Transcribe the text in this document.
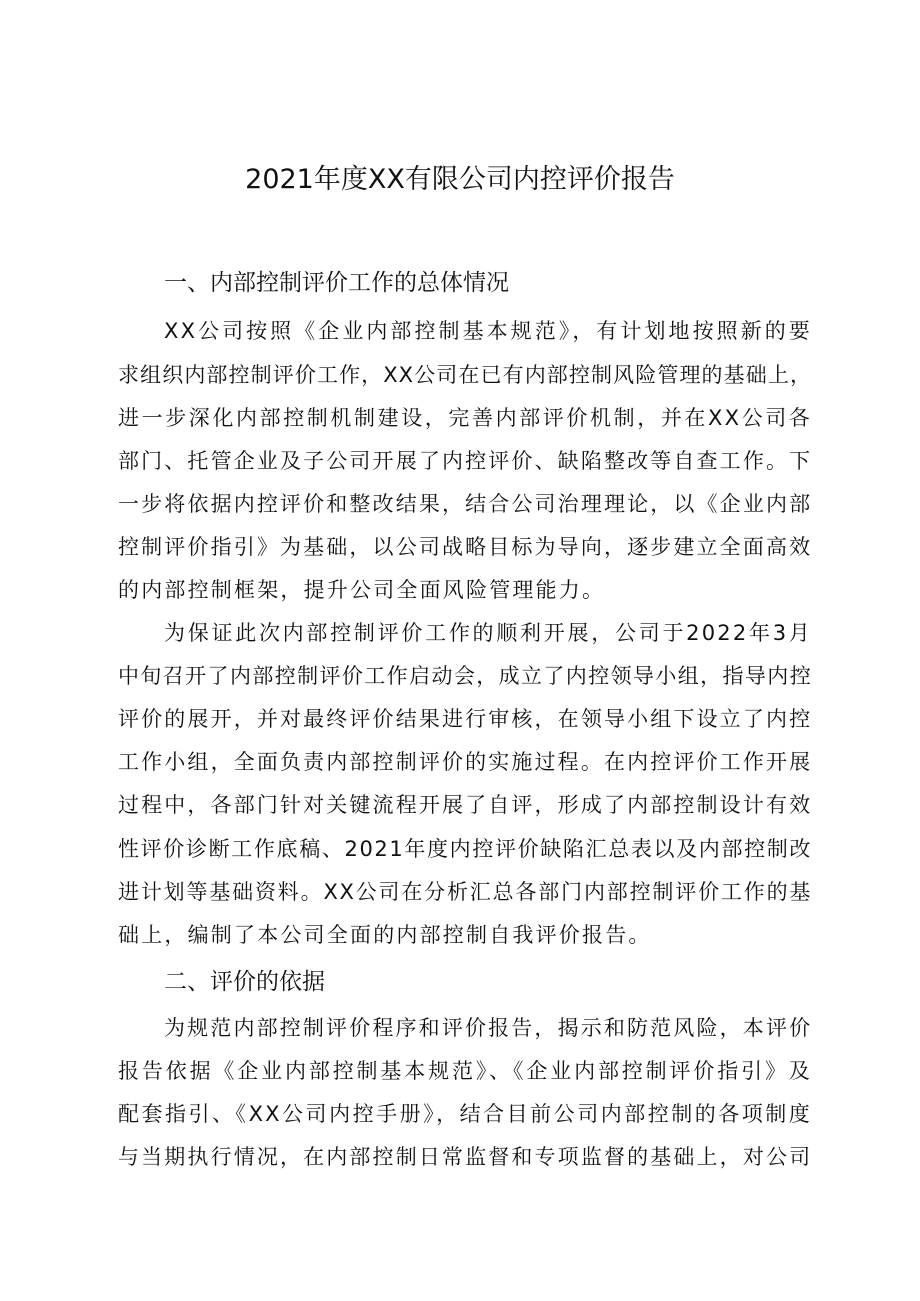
2021年度XX有限公司内控评价报告
一、内部控制评价工作的总体情况

XX公司按照《企业内部控制基本规范》，有计划地按照新的要

求组织内部控制评价工作，XX公司在已有内部控制风险管理的基础上，

进一步深化内部控制机制建设，完善内部评价机制，并在XX公司各

部门、托管企业及子公司开展了内控评价、缺陷整改等自查工作。下

一步将依据内控评价和整改结果，结合公司治理理论，以《企业内部

控制评价指引》为基础，以公司战略目标为导向，逐步建立全面高效

的内部控制框架，提升公司全面风险管理能力。

为保证此次内部控制评价工作的顺利开展，公司于2022年3月

中旬召开了内部控制评价工作启动会，成立了内控领导小组，指导内控

评价的展开，并对最终评价结果进行审核，在领导小组下设立了内控

工作小组，全面负责内部控制评价的实施过程。在内控评价工作开展

过程中，各部门针对关键流程开展了自评，形成了内部控制设计有效

性评价诊断工作底稿、2021年度内控评价缺陷汇总表以及内部控制改

进计划等基础资料。XX公司在分析汇总各部门内部控制评价工作的基

础上，编制了本公司全面的内部控制自我评价报告。

二、评价的依据

为规范内部控制评价程序和评价报告，揭示和防范风险，本评价

报告依据《企业内部控制基本规范》、《企业内部控制评价指引》及

配套指引、《XX公司内控手册》，结合目前公司内部控制的各项制度

与当期执行情况，在内部控制日常监督和专项监督的基础上，对公司
